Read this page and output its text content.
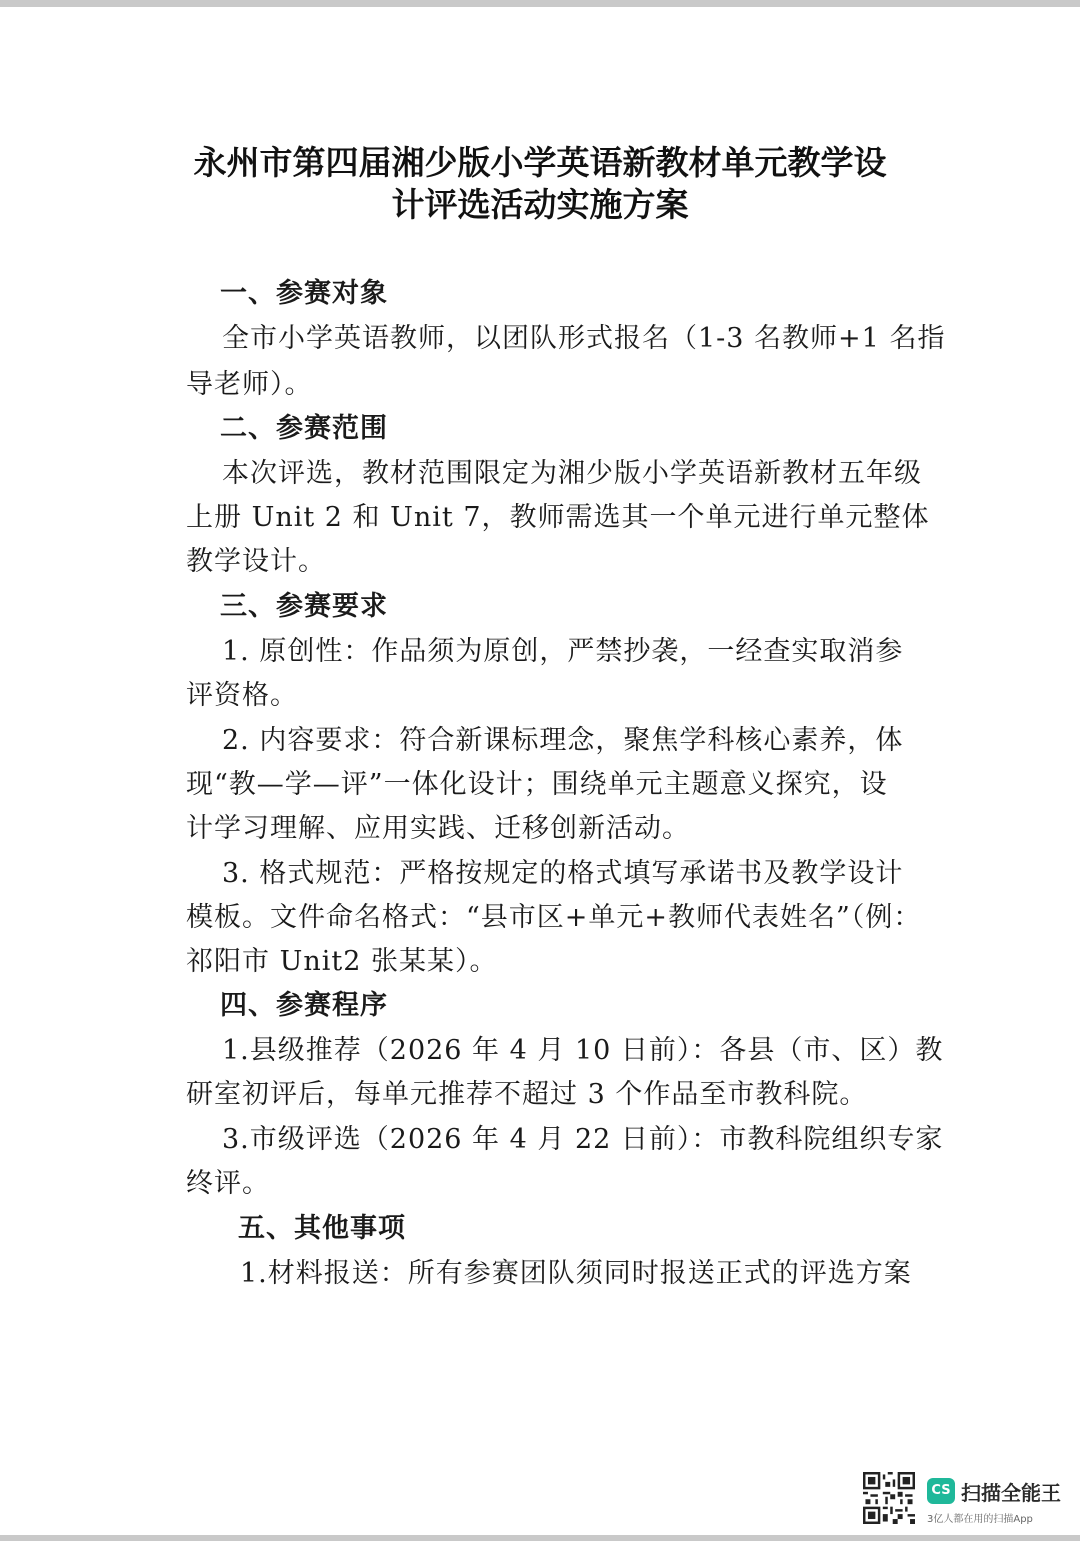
永州市第四届湘少版小学英语新教材单元教学设
计评选活动实施方案
一、参赛对象
全市小学英语教师，以团队形式报名（1-3 名教师+1 名指
导老师）。
二、参赛范围
本次评选，教材范围限定为湘少版小学英语新教材五年级
上册 Unit 2 和 Unit 7，教师需选其一个单元进行单元整体
教学设计。
三、参赛要求
1. 原创性：作品须为原创，严禁抄袭，一经查实取消参
评资格。
2. 内容要求：符合新课标理念，聚焦学科核心素养，体
现“教—学—评”一体化设计；围绕单元主题意义探究，设
计学习理解、应用实践、迁移创新活动。
3. 格式规范：严格按规定的格式填写承诺书及教学设计
模板。文件命名格式：“县市区+单元+教师代表姓名”（例：
祁阳市 Unit2 张某某）。
四、参赛程序
1.县级推荐（2026 年 4 月 10 日前）：各县（市、区）教
研室初评后，每单元推荐不超过 3 个作品至市教科院。
3.市级评选（2026 年 4 月 22 日前）：市教科院组织专家
终评。
五、其他事项
1.材料报送：所有参赛团队须同时报送正式的评选方案
CS 扫描全能王
3亿人都在用的扫描App
